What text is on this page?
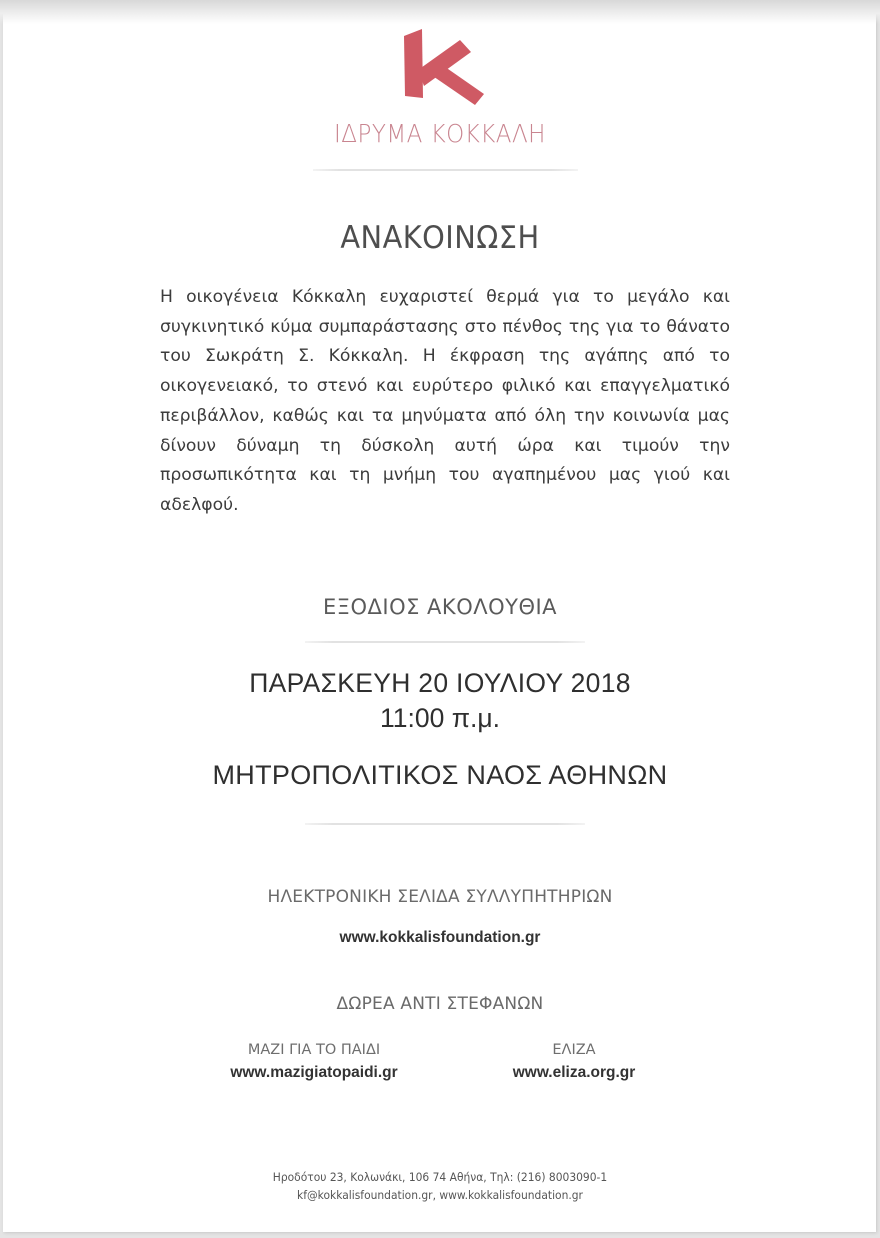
ΙΔΡΥΜΑ ΚΟΚΚΑΛΗ
ΑΝΑΚΟΙΝΩΣΗ

Η οικογένεια Κόκκαλη ευχαριστεί θερμά για το μεγάλο και συγκινητικό κύμα συμπαράστασης στο πένθος της για το θάνατο του Σωκράτη Σ. Κόκκαλη. Η έκφραση της αγάπης από το οικογενειακό, το στενό και ευρύτερο φιλικό και επαγγελματικό περιβάλλον, καθώς και τα μηνύματα από όλη την κοινωνία μας δίνουν δύναμη τη δύσκολη αυτή ώρα και τιμούν την προσωπικότητα και τη μνήμη του αγαπημένου μας γιού και αδελφού.

ΕΞΟΔΙΟΣ ΑΚΟΛΟΥΘΙΑ
ΠΑΡΑΣΚΕΥΗ 20 ΙΟΥΛΙΟΥ 2018
11:00 π.μ.
ΜΗΤΡΟΠΟΛΙΤΙΚΟΣ ΝΑΟΣ ΑΘΗΝΩΝ
ΗΛΕΚΤΡΟΝΙΚΗ ΣΕΛΙΔΑ ΣΥΛΛΥΠΗΤΗΡΙΩΝ
www.kokkalisfoundation.gr
ΔΩΡΕΑ ΑΝΤΙ ΣΤΕΦΑΝΩΝ
ΜΑΖΙ ΓΙΑ ΤΟ ΠΑΙΔΙ
www.mazigiatopaidi.gr
ΕΛΙΖΑ
www.eliza.org.gr
Ηροδότου 23, Κολωνάκι, 106 74 Αθήνα, Τηλ: (216) 8003090-1
kf@kokkalisfoundation.gr, www.kokkalisfoundation.gr
